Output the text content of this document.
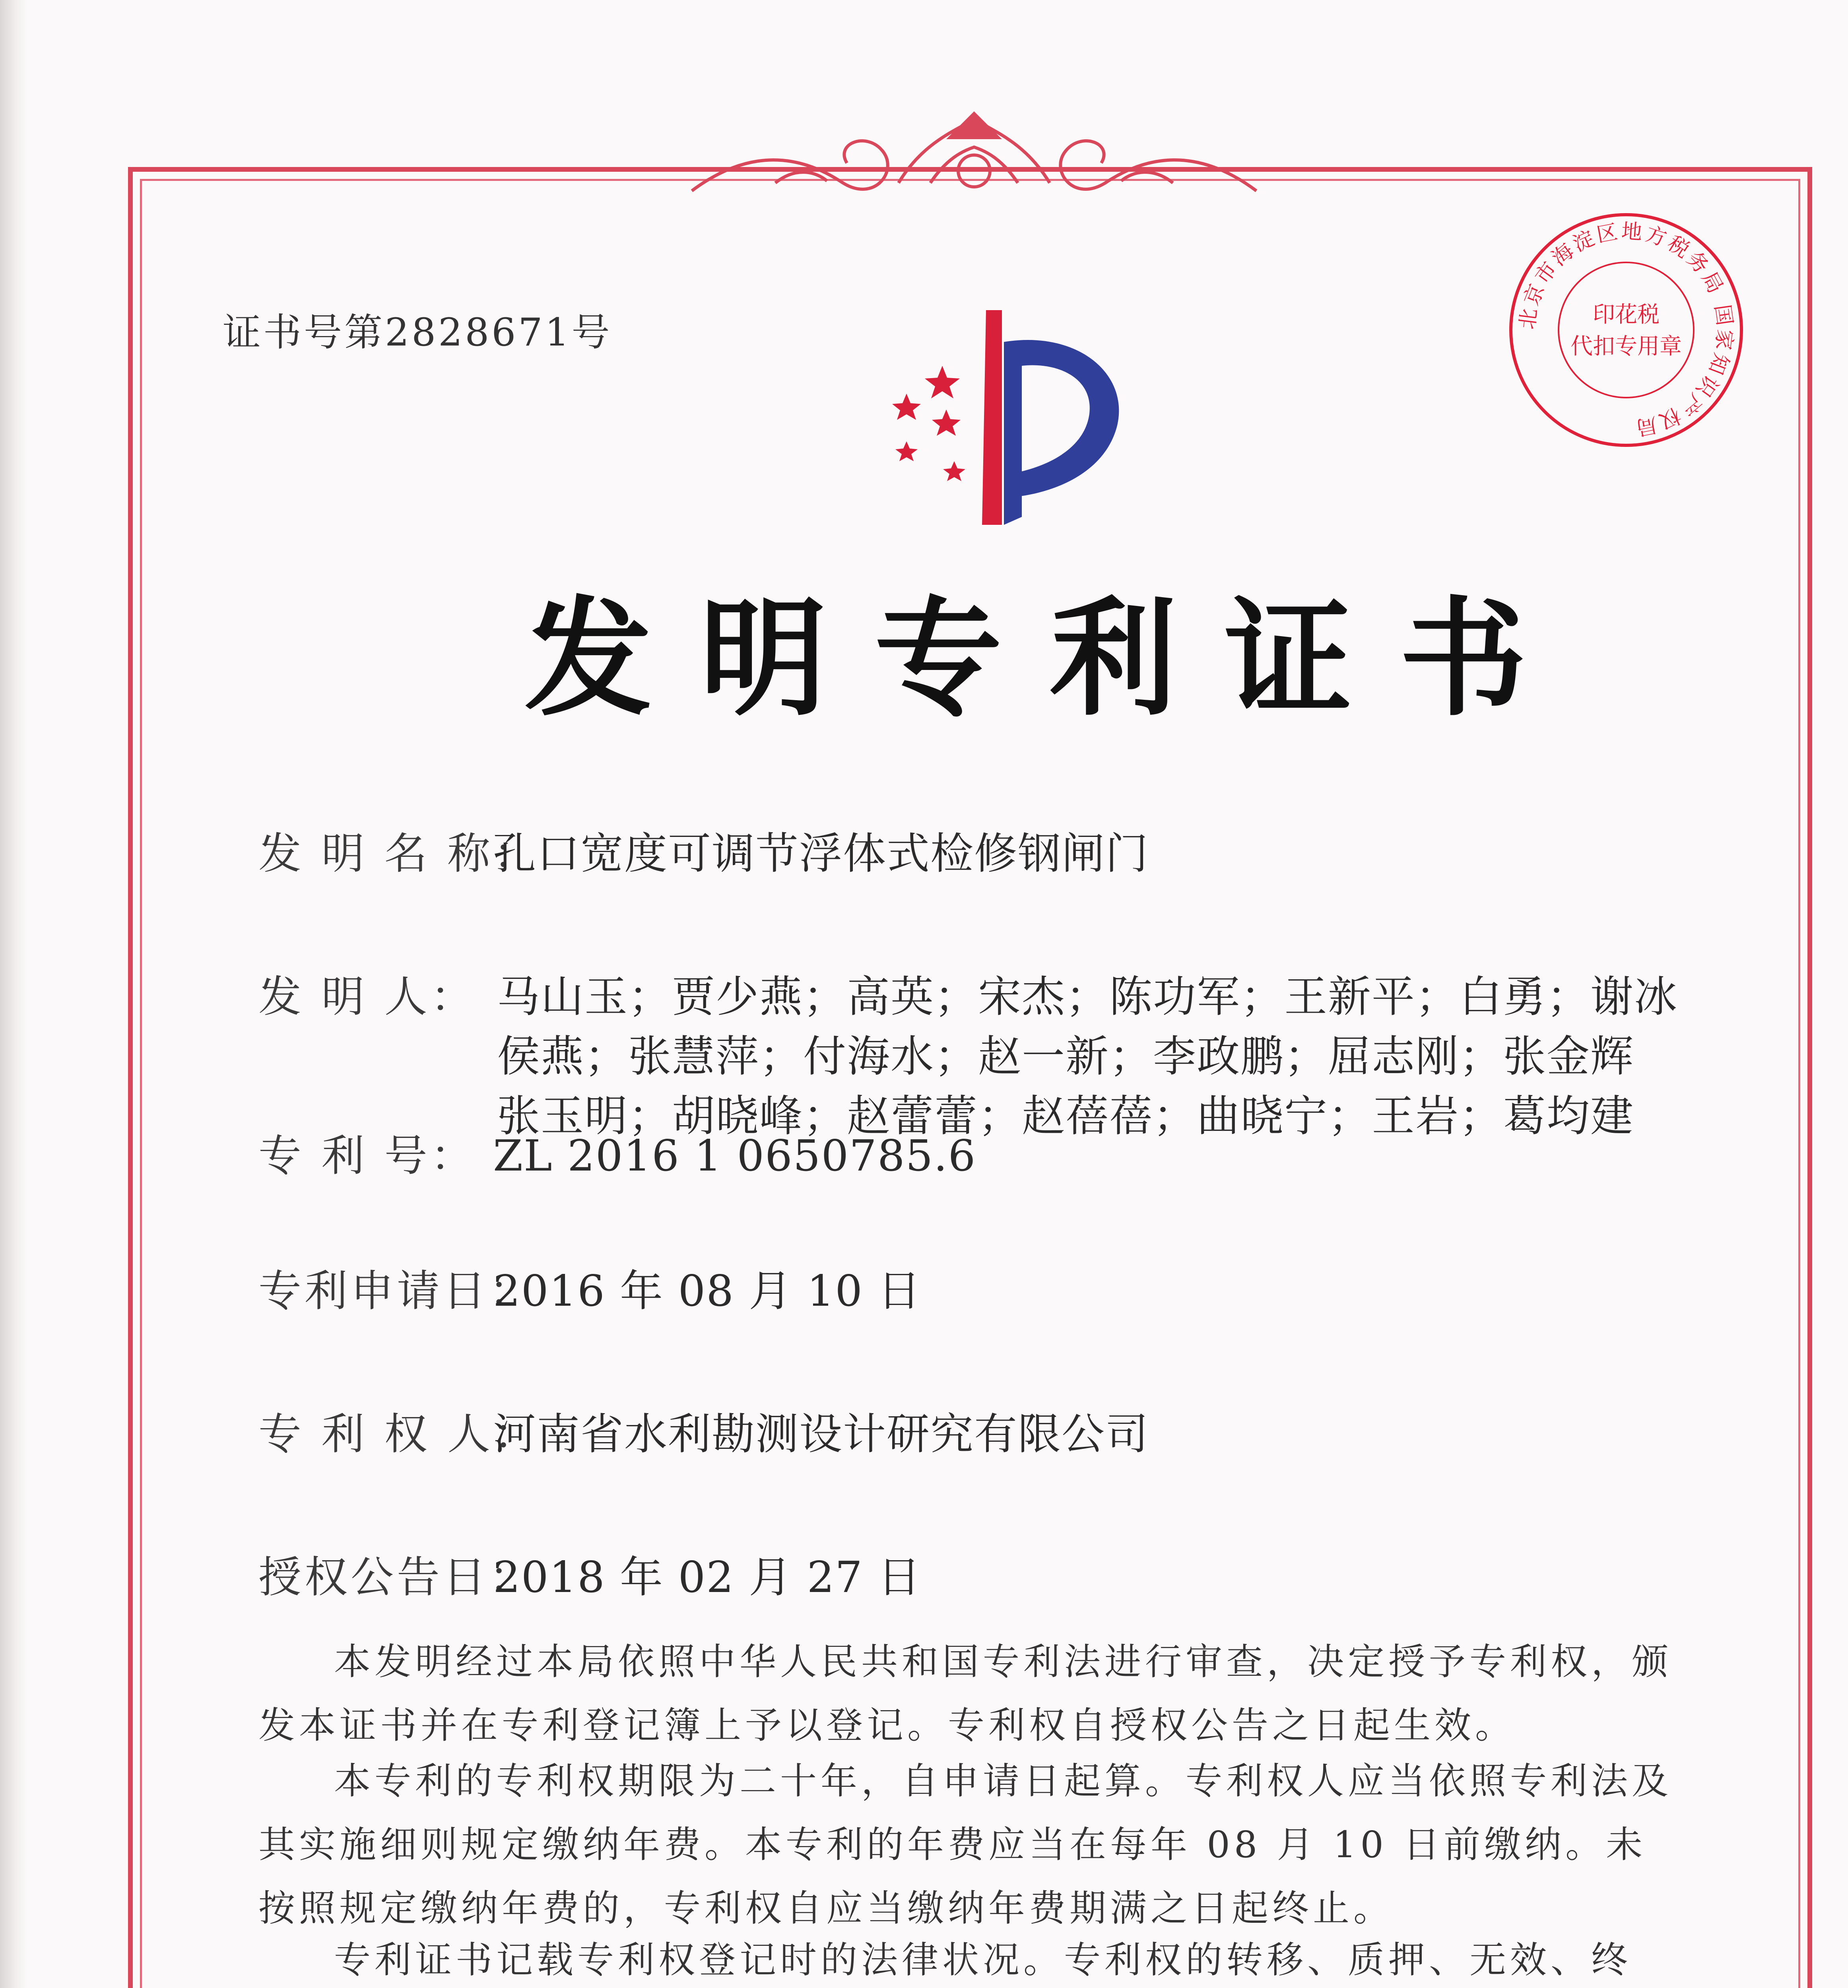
证书号第2828671号	北京市海淀区地方税务局 国家知识产权局
印花税
代扣专用章
发明专利证书
发 明 名 称：孔口宽度可调节浮体式检修钢闸门
发 明 人： 马山玉；贾少燕；高英；宋杰；陈功军；王新平；白勇；谢冰
侯燕；张慧萍；付海水；赵一新；李政鹏；屈志刚；张金辉
张玉明；胡晓峰；赵蕾蕾；赵蓓蓓；曲晓宁；王岩；葛均建
专 利 号： ZL 2016 1 0650785.6
专利申请日：2016 年 08 月 10 日
专 利 权 人：河南省水利勘测设计研究有限公司
授权公告日：2018 年 02 月 27 日
本发明经过本局依照中华人民共和国专利法进行审查，决定授予专利权，颁发本证书并在专利登记簿上予以登记。专利权自授权公告之日起生效。
本专利的专利权期限为二十年，自申请日起算。专利权人应当依照专利法及其实施细则规定缴纳年费。本专利的年费应当在每年 08 月 10 日前缴纳。未按照规定缴纳年费的，专利权自应当缴纳年费期满之日起终止。
专利证书记载专利权登记时的法律状况。专利权的转移、质押、无效、终
